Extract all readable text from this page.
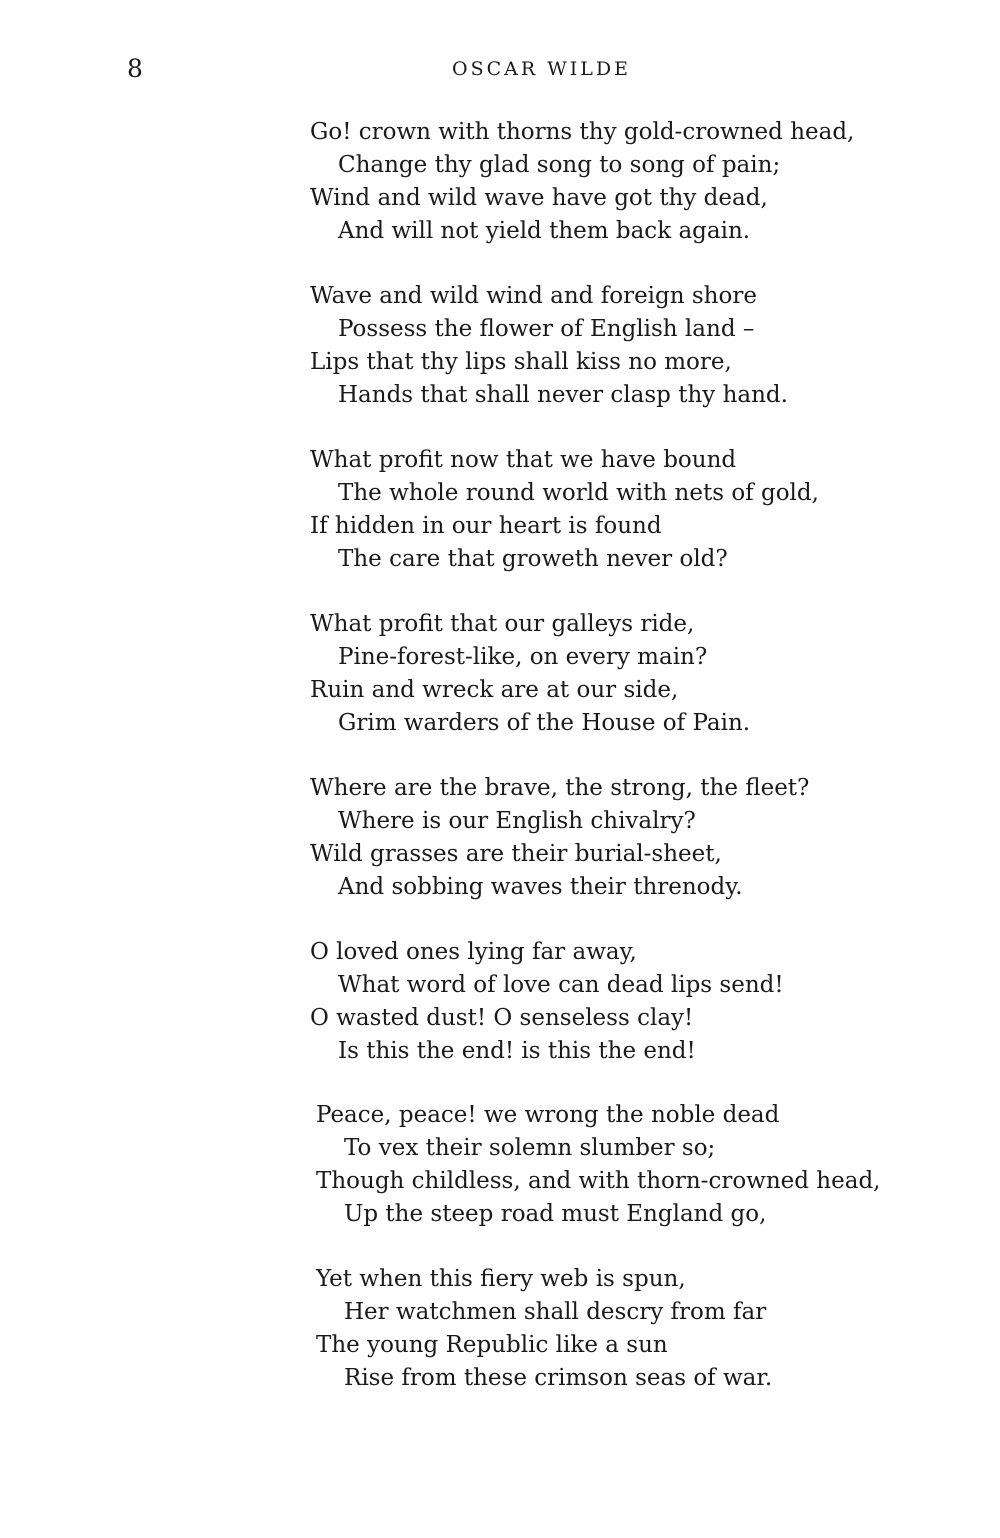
8	OSCAR WILDE
Go! crown with thorns thy gold-crowned head,
Change thy glad song to song of pain;
Wind and wild wave have got thy dead,
And will not yield them back again.
Wave and wild wind and foreign shore
Possess the flower of English land –
Lips that thy lips shall kiss no more,
Hands that shall never clasp thy hand.
What profit now that we have bound
The whole round world with nets of gold,
If hidden in our heart is found
The care that groweth never old?
What profit that our galleys ride,
Pine-forest-like, on every main?
Ruin and wreck are at our side,
Grim warders of the House of Pain.
Where are the brave, the strong, the fleet?
Where is our English chivalry?
Wild grasses are their burial-sheet,
And sobbing waves their threnody.
O loved ones lying far away,
What word of love can dead lips send!
O wasted dust! O senseless clay!
Is this the end! is this the end!
Peace, peace! we wrong the noble dead
To vex their solemn slumber so;
Though childless, and with thorn-crowned head,
Up the steep road must England go,
Yet when this fiery web is spun,
Her watchmen shall descry from far
The young Republic like a sun
Rise from these crimson seas of war.
